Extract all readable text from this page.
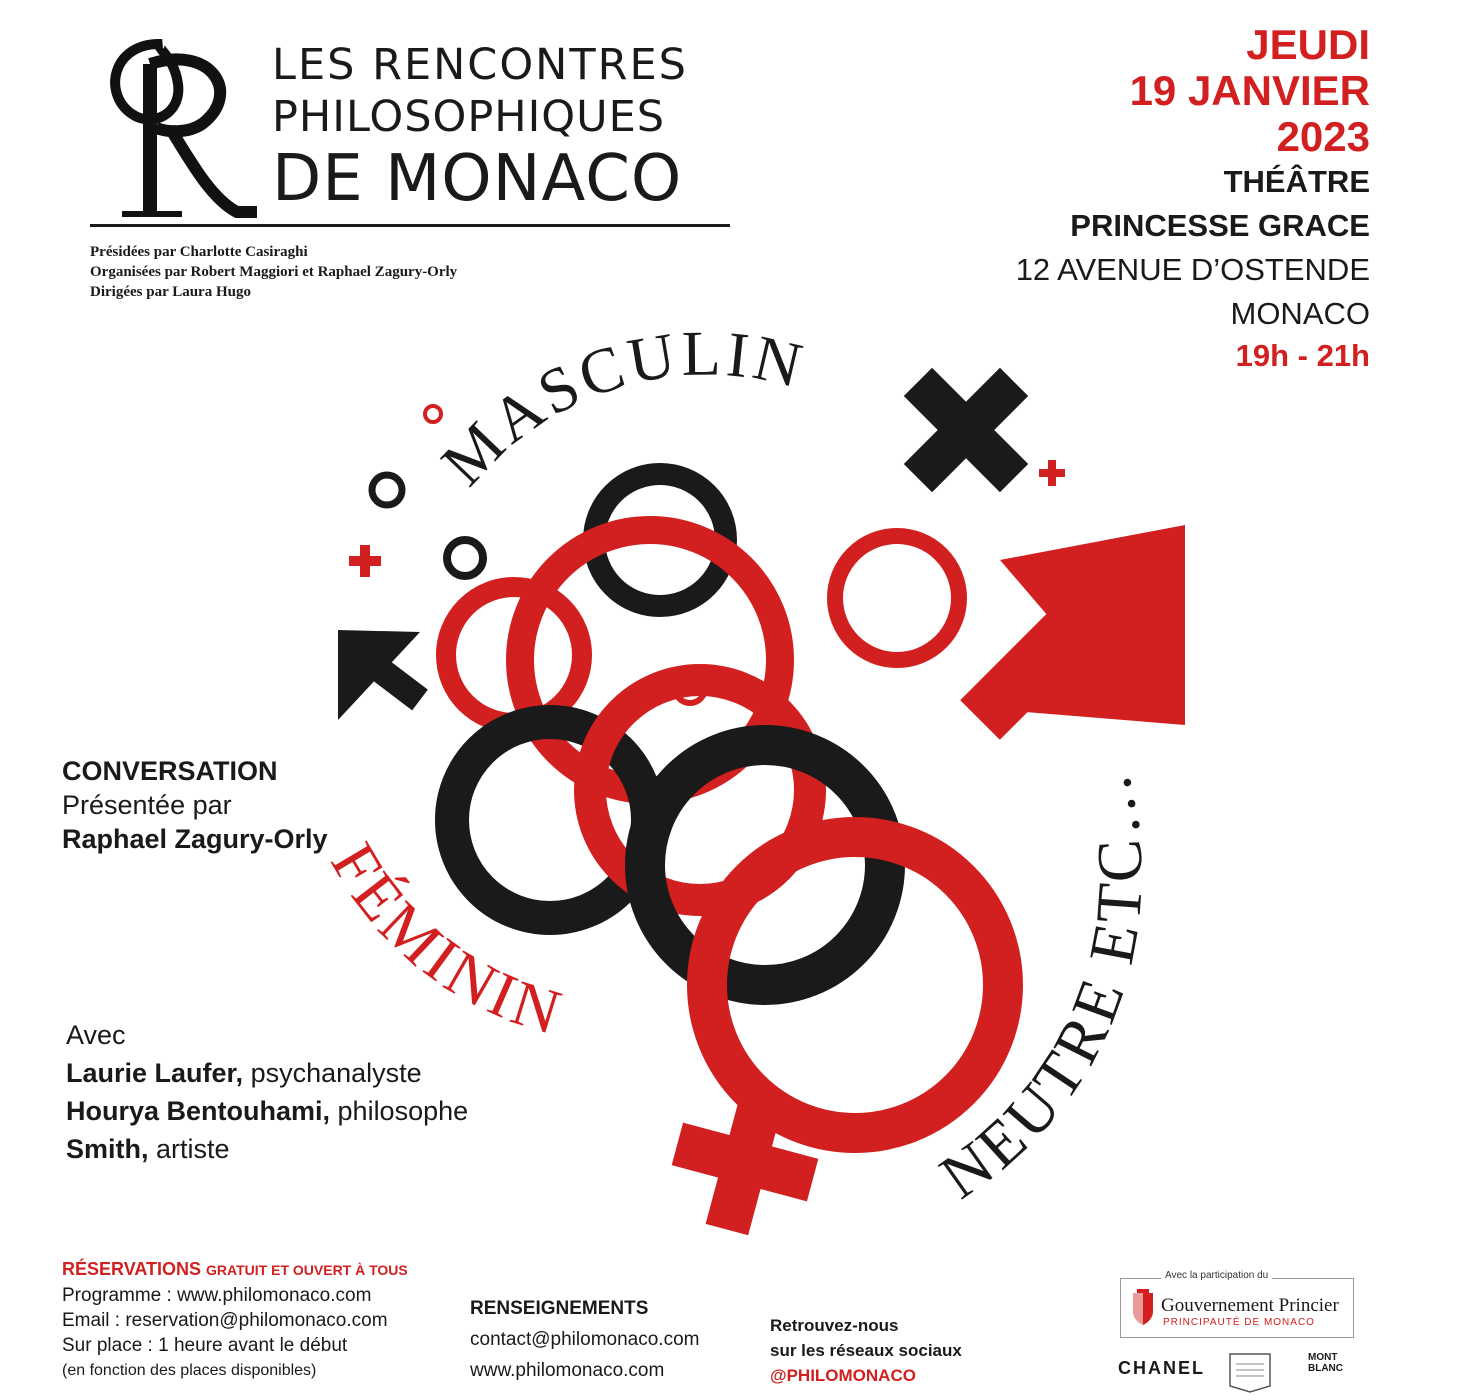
LES RENCONTRES
PHILOSOPHIQUES
DE MONACO
Présidées par Charlotte Casiraghi
Organisées par Robert Maggiori et Raphael Zagury-Orly
Dirigées par Laura Hugo
JEUDI
19 JANVIER
2023
THÉÂTRE
PRINCESSE GRACE
12 AVENUE D’OSTENDE
MONACO
19h - 21h
MASCULIN
FÉMININ
NEUTRE ETC…
CONVERSATION
Présentée par
Raphael Zagury-Orly
Avec
Laurie Laufer, psychanalyste
Hourya Bentouhami, philosophe
Smith, artiste
RÉSERVATIONS GRATUIT ET OUVERT À TOUS
Programme : www.philomonaco.com
Email : reservation@philomonaco.com
Sur place : 1 heure avant le début
(en fonction des places disponibles)
RENSEIGNEMENTS
contact@philomonaco.com
www.philomonaco.com
Retrouvez-nous
sur les réseaux sociaux
@PHILOMONACO
Avec la participation du
Gouvernement Princier
PRINCIPAUTÉ DE MONACO
CHANEL
MONT
BLANC
